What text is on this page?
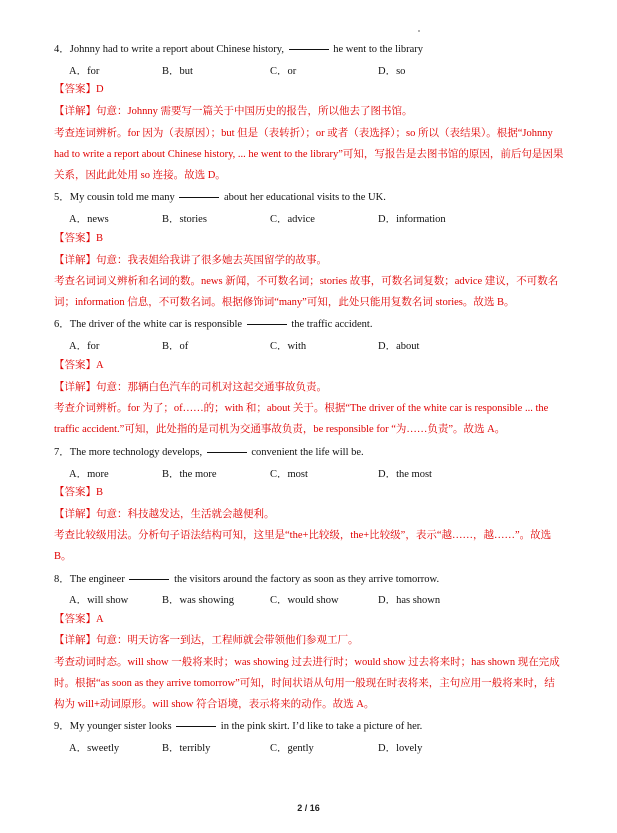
4．Johnny had to write a report about Chinese history,	he went to the library
A．for	B．but	C．or	D．so
【答案】D
【详解】句意：Johnny 需要写一篇关于中国历史的报告，所以他去了图书馆。
考查连词辨析。for 因为（表原因）；but 但是（表转折）；or 或者（表选择）；so 所以（表结果）。根据“Johnny had to write a report about Chinese history, ... he went to the library”可知，写报告是去图书馆的原因，前后句是因果关系，因此此处用 so 连接。故选 D。
5．My cousin told me many	about her educational visits to the UK.
A．news	B．stories	C．advice	D．information
【答案】B
【详解】句意：我表姐给我讲了很多她去英国留学的故事。
考查名词词义辨析和名词的数。news 新闻，不可数名词；stories 故事，可数名词复数；advice 建议，不可数名词；information 信息，不可数名词。根据修饰词“many”可知，此处只能用复数名词 stories。故选 B。
6．The driver of the white car is responsible	the traffic accident.
A．for	B．of	C．with	D．about
【答案】A
【详解】句意：那辆白色汽车的司机对这起交通事故负责。
考查介词辨析。for 为了；of……的；with 和；about 关于。根据“The driver of the white car is responsible ... the traffic accident.”可知，此处指的是司机为交通事故负责，be responsible for “为……负责”。故选 A。
7．The more technology develops,	convenient the life will be.
A．more	B．the more	C．most	D．the most
【答案】B
【详解】句意：科技越发达，生活就会越便利。
考查比较级用法。分析句子语法结构可知，这里是“the+比较级，the+比较级”，表示“越……，越……”。故选 B。
8．The engineer	the visitors around the factory as soon as they arrive tomorrow.
A．will show	B．was showing	C．would show	D．has shown
【答案】A
【详解】句意：明天访客一到达，工程师就会带领他们参观工厂。
考查动词时态。will show 一般将来时；was showing 过去进行时；would show 过去将来时；has shown 现在完成时。根据“as soon as they arrive tomorrow”可知，时间状语从句用一般现在时表将来，主句应用一般将来时，结构为 will+动词原形。will show 符合语境，表示将来的动作。故选 A。
9．My younger sister looks	in the pink skirt. I’d like to take a picture of her.
A．sweetly	B．terribly	C．gently	D．lovely
2 / 16
